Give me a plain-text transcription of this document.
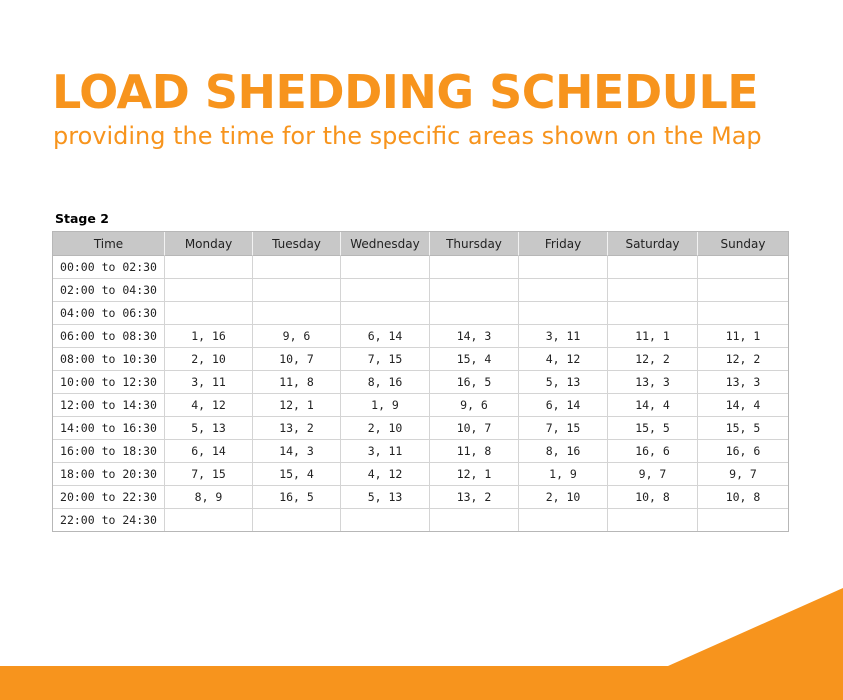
LOAD SHEDDING SCHEDULE

providing the time for the specific areas shown on the Map

Stage 2
Time	Monday	Tuesday	Wednesday	Thursday	Friday	Saturday	Sunday
00:00 to 02:30							
02:00 to 04:30							
04:00 to 06:30							
06:00 to 08:30	1, 16	9, 6	6, 14	14, 3	3, 11	11, 1	11, 1
08:00 to 10:30	2, 10	10, 7	7, 15	15, 4	4, 12	12, 2	12, 2
10:00 to 12:30	3, 11	11, 8	8, 16	16, 5	5, 13	13, 3	13, 3
12:00 to 14:30	4, 12	12, 1	1, 9	9, 6	6, 14	14, 4	14, 4
14:00 to 16:30	5, 13	13, 2	2, 10	10, 7	7, 15	15, 5	15, 5
16:00 to 18:30	6, 14	14, 3	3, 11	11, 8	8, 16	16, 6	16, 6
18:00 to 20:30	7, 15	15, 4	4, 12	12, 1	1, 9	9, 7	9, 7
20:00 to 22:30	8, 9	16, 5	5, 13	13, 2	2, 10	10, 8	10, 8
22:00 to 24:30							
